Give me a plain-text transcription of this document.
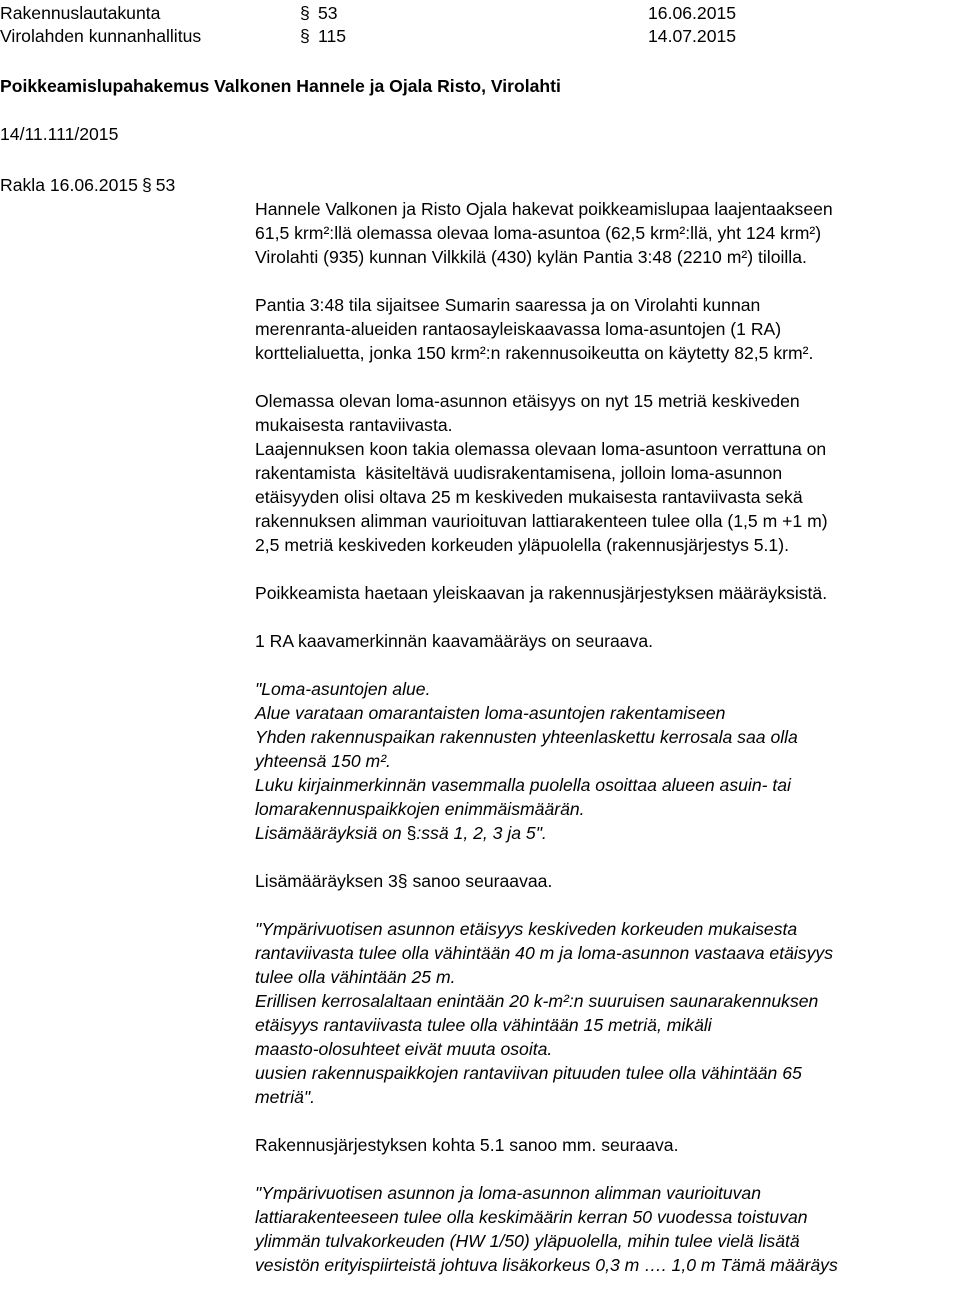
Rakennuslautakunta	§ 53	16.06.2015
Virolahden kunnanhallitus	§ 115	14.07.2015
Poikkeamislupahakemus Valkonen Hannele ja Ojala Risto, Virolahti
14/11.111/2015
Rakla 16.06.2015 § 53

Hannele Valkonen ja Risto Ojala hakevat poikkeamislupaa laajentaakseen

61,5 krm²:llä olemassa olevaa loma-asuntoa (62,5 krm²:llä, yht 124 krm²)

Virolahti (935) kunnan Vilkkilä (430) kylän Pantia 3:48 (2210 m²) tiloilla.

Pantia 3:48 tila sijaitsee Sumarin saaressa ja on Virolahti kunnan

merenranta-alueiden rantaosayleiskaavassa loma-asuntojen (1 RA)

korttelialuetta, jonka 150 krm²:n rakennusoikeutta on käytetty 82,5 krm².

Olemassa olevan loma-asunnon etäisyys on nyt 15 metriä keskiveden

mukaisesta rantaviivasta.

Laajennuksen koon takia olemassa olevaan loma-asuntoon verrattuna on

rakentamista  käsiteltävä uudisrakentamisena, jolloin loma-asunnon

etäisyyden olisi oltava 25 m keskiveden mukaisesta rantaviivasta sekä

rakennuksen alimman vaurioituvan lattiarakenteen tulee olla (1,5 m +1 m)

2,5 metriä keskiveden korkeuden yläpuolella (rakennusjärjestys 5.1).

Poikkeamista haetaan yleiskaavan ja rakennusjärjestyksen määräyksistä.

1 RA kaavamerkinnän kaavamääräys on seuraava.

"Loma-asuntojen alue.

Alue varataan omarantaisten loma-asuntojen rakentamiseen

Yhden rakennuspaikan rakennusten yhteenlaskettu kerrosala saa olla

yhteensä 150 m².

Luku kirjainmerkinnän vasemmalla puolella osoittaa alueen asuin- tai

lomarakennuspaikkojen enimmäismäärän.

Lisämääräyksiä on §:ssä 1, 2, 3 ja 5".

Lisämääräyksen 3§ sanoo seuraavaa.

"Ympärivuotisen asunnon etäisyys keskiveden korkeuden mukaisesta

rantaviivasta tulee olla vähintään 40 m ja loma-asunnon vastaava etäisyys

tulee olla vähintään 25 m.

Erillisen kerrosalaltaan enintään 20 k-m²:n suuruisen saunarakennuksen

etäisyys rantaviivasta tulee olla vähintään 15 metriä, mikäli

maasto-olosuhteet eivät muuta osoita.

uusien rakennuspaikkojen rantaviivan pituuden tulee olla vähintään 65

metriä".

Rakennusjärjestyksen kohta 5.1 sanoo mm. seuraava.

"Ympärivuotisen asunnon ja loma-asunnon alimman vaurioituvan

lattiarakenteeseen tulee olla keskimäärin kerran 50 vuodessa toistuvan

ylimmän tulvakorkeuden (HW 1/50) yläpuolella, mihin tulee vielä lisätä

vesistön erityispiirteistä johtuva lisäkorkeus 0,3 m …. 1,0 m Tämä määräys
